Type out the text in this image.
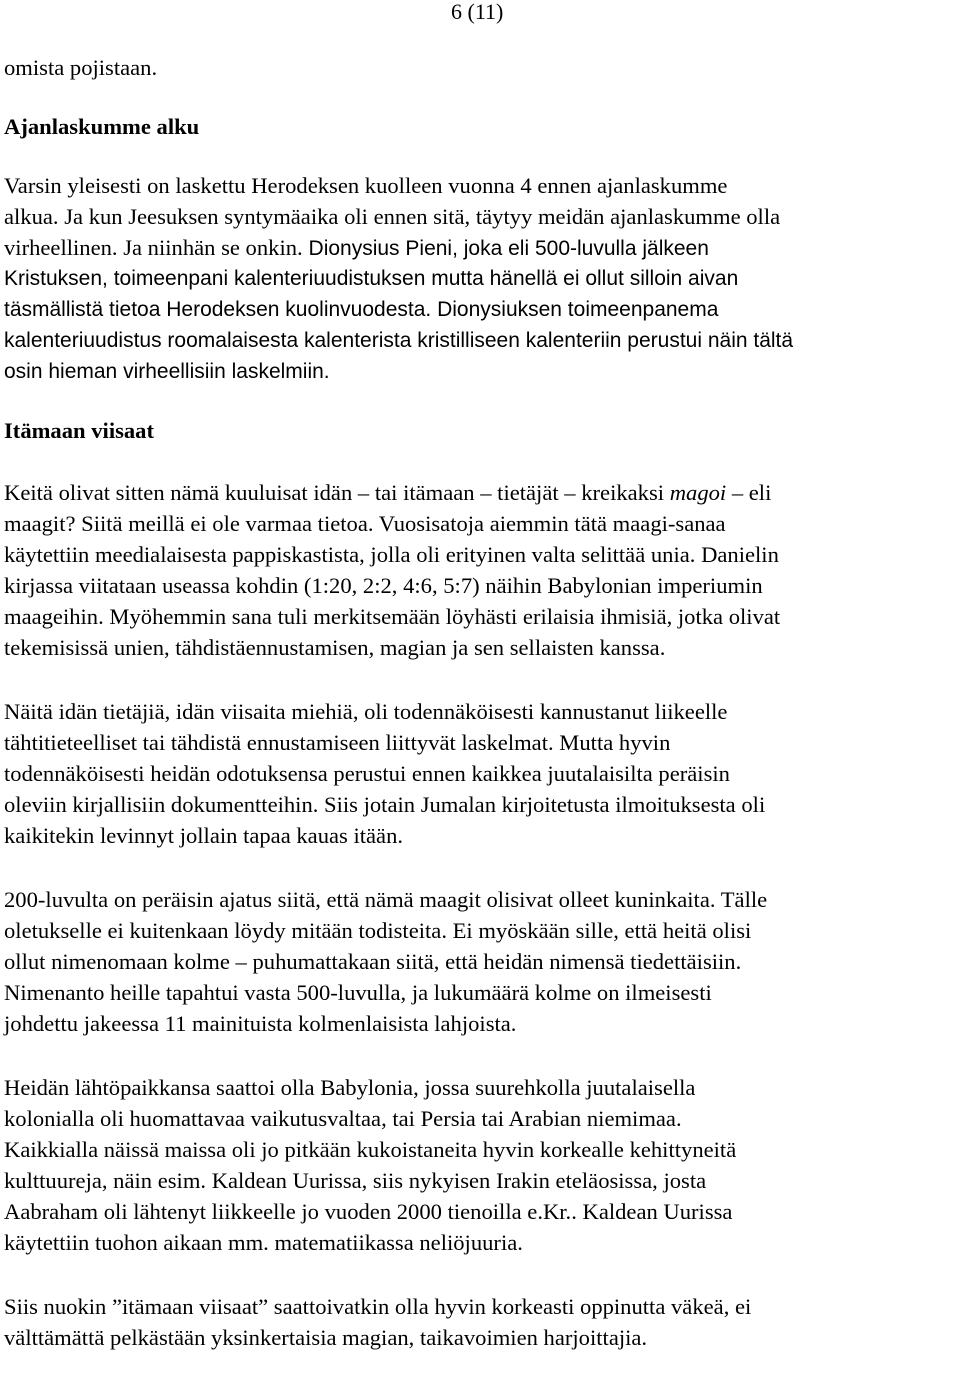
6 (11)
omista pojistaan.
Ajanlaskumme alku
Varsin yleisesti on laskettu Herodeksen kuolleen vuonna 4 ennen ajanlaskumme
alkua. Ja kun Jeesuksen syntymäaika oli ennen sitä, täytyy meidän ajanlaskumme olla
virheellinen. Ja niinhän se onkin. Dionysius Pieni, joka eli 500-luvulla jälkeen
Kristuksen, toimeenpani kalenteriuudistuksen mutta hänellä ei ollut silloin aivan
täsmällistä tietoa Herodeksen kuolinvuodesta. Dionysiuksen toimeenpanema
kalenteriuudistus roomalaisesta kalenterista kristilliseen kalenteriin perustui näin tältä
osin hieman virheellisiin laskelmiin.
Itämaan viisaat
Keitä olivat sitten nämä kuuluisat idän – tai itämaan – tietäjät – kreikaksi magoi – eli
maagit? Siitä meillä ei ole varmaa tietoa. Vuosisatoja aiemmin tätä maagi-sanaa
käytettiin meedialaisesta pappiskastista, jolla oli erityinen valta selittää unia. Danielin
kirjassa viitataan useassa kohdin (1:20, 2:2, 4:6, 5:7) näihin Babylonian imperiumin
maageihin. Myöhemmin sana tuli merkitsemään löyhästi erilaisia ihmisiä, jotka olivat
tekemisissä unien, tähdistäennustamisen, magian ja sen sellaisten kanssa.
Näitä idän tietäjiä, idän viisaita miehiä, oli todennäköisesti kannustanut liikeelle
tähtitieteelliset tai tähdistä ennustamiseen liittyvät laskelmat. Mutta hyvin
todennäköisesti heidän odotuksensa perustui ennen kaikkea juutalaisilta peräisin
oleviin kirjallisiin dokumentteihin. Siis jotain Jumalan kirjoitetusta ilmoituksesta oli
kaikitekin levinnyt jollain tapaa kauas itään.
200-luvulta on peräisin ajatus siitä, että nämä maagit olisivat olleet kuninkaita. Tälle
oletukselle ei kuitenkaan löydy mitään todisteita. Ei myöskään sille, että heitä olisi
ollut nimenomaan kolme – puhumattakaan siitä, että heidän nimensä tiedettäisiin.
Nimenanto heille tapahtui vasta 500-luvulla, ja lukumäärä kolme on ilmeisesti
johdettu jakeessa 11 mainituista kolmenlaisista lahjoista.
Heidän lähtöpaikkansa saattoi olla Babylonia, jossa suurehkolla juutalaisella
kolonialla oli huomattavaa vaikutusvaltaa, tai Persia tai Arabian niemimaa.
Kaikkialla näissä maissa oli jo pitkään kukoistaneita hyvin korkealle kehittyneitä
kulttuureja, näin esim. Kaldean Uurissa, siis nykyisen Irakin eteläosissa, josta
Aabraham oli lähtenyt liikkeelle jo vuoden 2000 tienoilla e.Kr.. Kaldean Uurissa
käytettiin tuohon aikaan mm. matematiikassa neliöjuuria.
Siis nuokin ”itämaan viisaat” saattoivatkin olla hyvin korkeasti oppinutta väkeä, ei
välttämättä pelkästään yksinkertaisia magian, taikavoimien harjoittajia.
